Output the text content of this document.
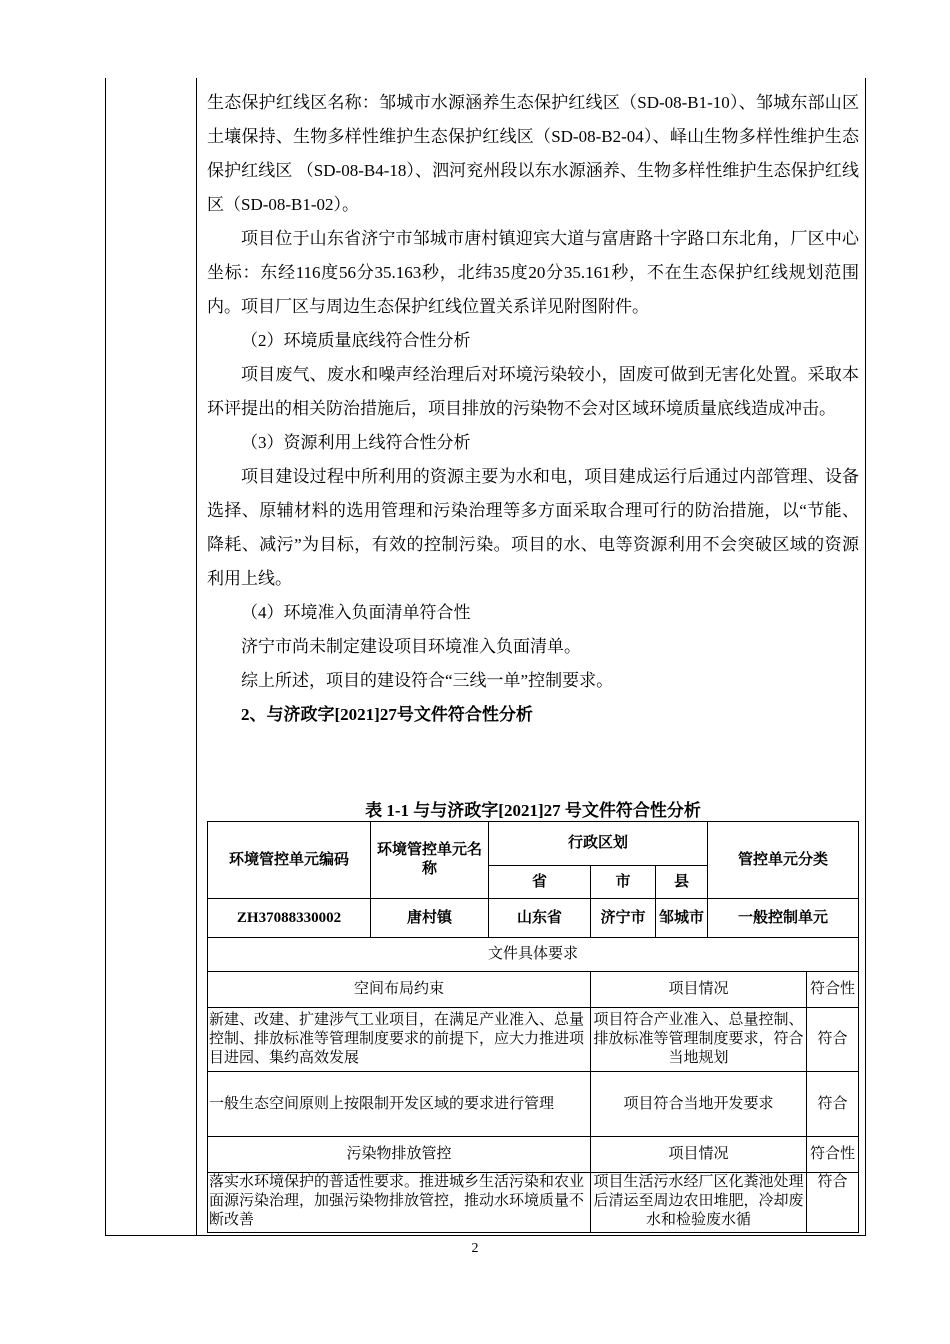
生态保护红线区名称：邹城市水源涵养生态保护红线区（SD-08-B1-10）、邹城东部山区土壤保持、生物多样性维护生态保护红线区（SD-08-B2-04）、峄山生物多样性维护生态保护红线区 （SD-08-B4-18）、泗河兖州段以东水源涵养、生物多样性维护生态保护红线区（SD-08-B1-02）。

项目位于山东省济宁市邹城市唐村镇迎宾大道与富唐路十字路口东北角，厂区中心坐标：东经116度56分35.163秒，北纬35度20分35.161秒，不在生态保护红线规划范围内。项目厂区与周边生态保护红线位置关系详见附图附件。

（2）环境质量底线符合性分析

项目废气、废水和噪声经治理后对环境污染较小，固废可做到无害化处置。采取本环评提出的相关防治措施后，项目排放的污染物不会对区域环境质量底线造成冲击。

（3）资源利用上线符合性分析

项目建设过程中所利用的资源主要为水和电，项目建成运行后通过内部管理、设备选择、原辅材料的选用管理和污染治理等多方面采取合理可行的防治措施，以“节能、降耗、减污”为目标，有效的控制污染。项目的水、电等资源利用不会突破区域的资源利用上线。

（4）环境准入负面清单符合性

济宁市尚未制定建设项目环境准入负面清单。

综上所述，项目的建设符合“三线一单”控制要求。

2、与济政字[2021]27号文件符合性分析

表 1-1 与与济政字[2021]27 号文件符合性分析
环境管控单元编码	环境管控单元名称	行政区划			管控单元分类
		省	市	县	
ZH37088330002	唐村镇	山东省	济宁市	邹城市	一般控制单元
文件具体要求		
空间布局约束	项目情况	符合性
新建、改建、扩建涉气工业项目，在满足产业准入、总量控制、排放标准等管理制度要求的前提下，应大力推进项目进园、集约高效发展	项目符合产业准入、总量控制、排放标准等管理制度要求，符合当地规划	符合
一般生态空间原则上按限制开发区域的要求进行管理	项目符合当地开发要求	符合
污染物排放管控	项目情况	符合性
落实水环境保护的普适性要求。推进城乡生活污染和农业面源污染治理，加强污染物排放管控，推动水环境质量不断改善	项目生活污水经厂区化粪池处理后清运至周边农田堆肥，冷却废水和检验废水循	符合
2
